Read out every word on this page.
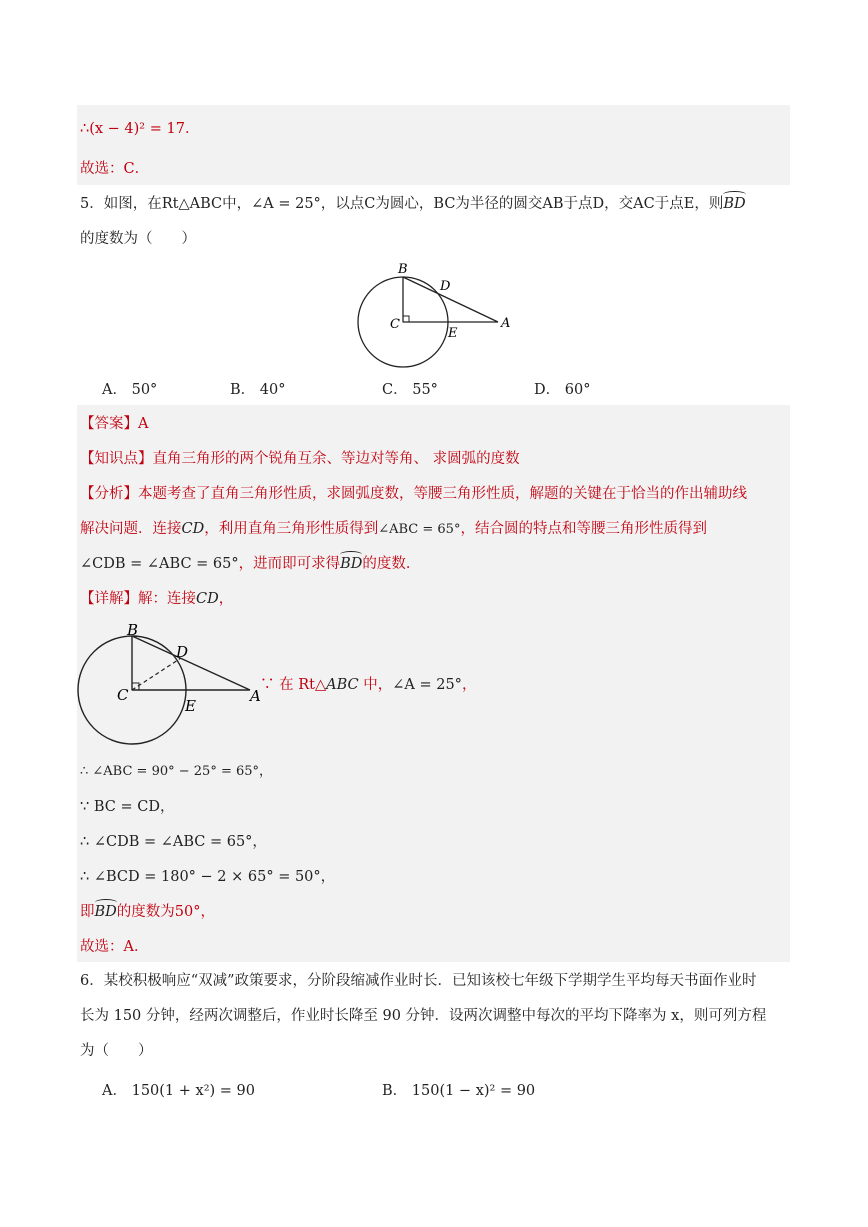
∴(x − 4)² = 17．
故选：C．
5．如图，在Rt△ABC中，∠A = 25°，以点C为圆心，BC为半径的圆交AB于点D，交AC于点E，则BD
的度数为（　　）
B
D
C
E
A
A． 50°	B． 40°	C． 55°	D． 60°
【答案】A
【知识点】直角三角形的两个锐角互余、等边对等角、 求圆弧的度数
【分析】本题考查了直角三角形性质，求圆弧度数，等腰三角形性质，解题的关键在于恰当的作出辅助线
解决问题．连接CD，利用直角三角形性质得到∠ABC = 65°，结合圆的特点和等腰三角形性质得到
∠CDB = ∠ABC = 65°，进而即可求得BD的度数．
【详解】解：连接CD，
B
D
C
E
A
∵ 在 Rt△ABC 中，∠A = 25°，
∴ ∠ABC = 90° − 25° = 65°，
∵ BC = CD，
∴ ∠CDB = ∠ABC = 65°，
∴ ∠BCD = 180° − 2 × 65° = 50°，
即BD的度数为50°，
故选：A．
6．某校积极响应“双减”政策要求，分阶段缩减作业时长．已知该校七年级下学期学生平均每天书面作业时
长为 150 分钟，经两次调整后，作业时长降至 90 分钟．设两次调整中每次的平均下降率为 x，则可列方程
为（　　）
A． 150(1 + x²) = 90	B． 150(1 − x)² = 90
